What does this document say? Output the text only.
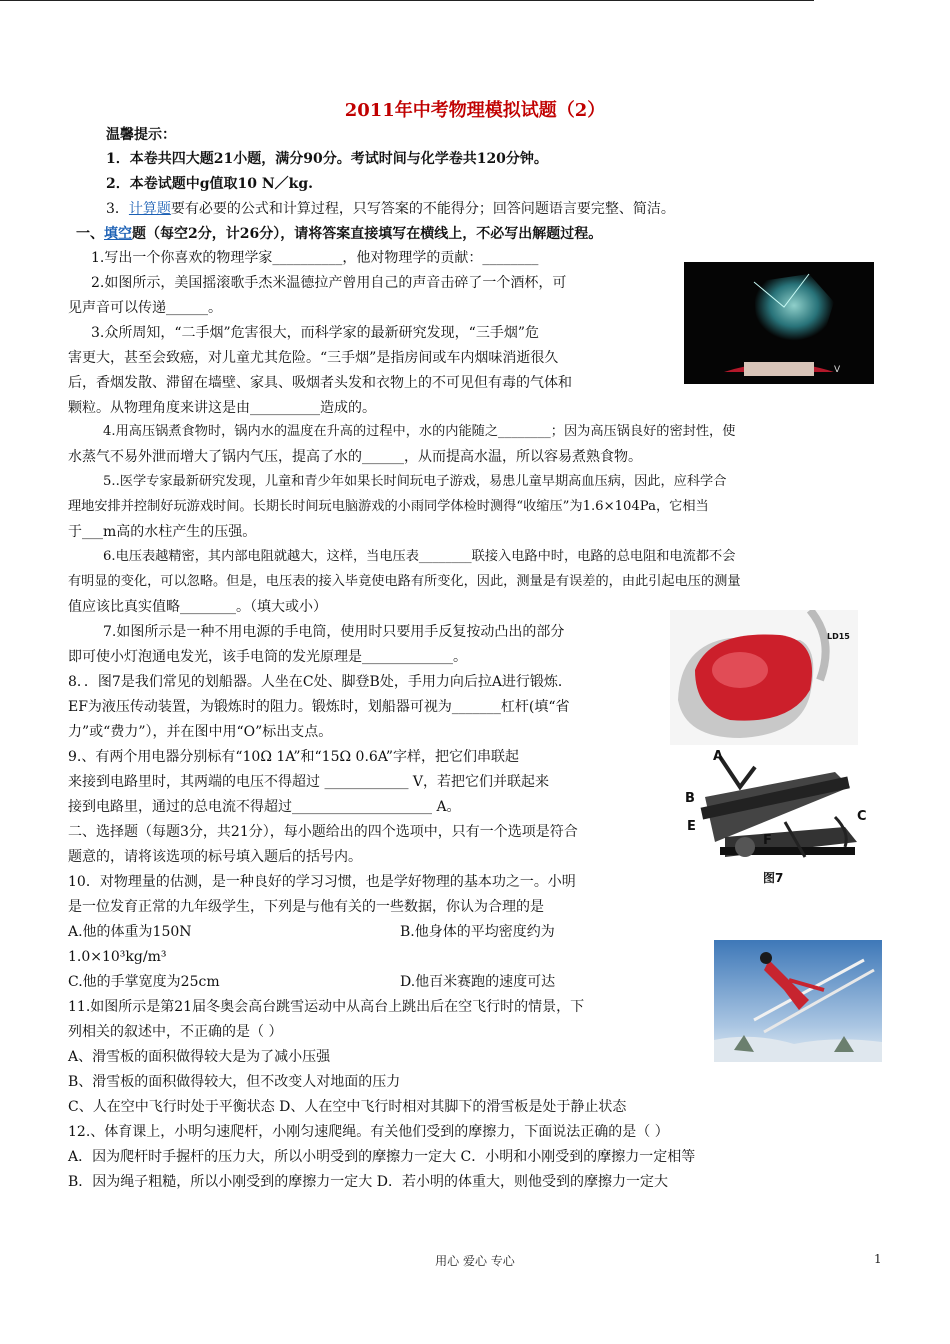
2011年中考物理模拟试题（2）
温馨提示：
1．本卷共四大题21小题，满分90分。考试时间与化学卷共120分钟。
2．本卷试题中g值取10 N／kg.
3．计算题要有必要的公式和计算过程，只写答案的不能得分；回答问题语言要完整、简洁。
一、填空题（每空2分，计26分），请将答案直接填写在横线上，不必写出解题过程。
1.写出一个你喜欢的物理学家__________，他对物理学的贡献：________
2.如图所示，美国摇滚歌手杰米温德拉产曾用自己的声音击碎了一个酒杯，可
见声音可以传递______。
3.众所周知，“二手烟”危害很大，而科学家的最新研究发现，“三手烟”危
害更大，甚至会致癌，对儿童尤其危险。“三手烟”是指房间或车内烟味消逝很久
后，香烟发散、滞留在墙壁、家具、吸烟者头发和衣物上的不可见但有毒的气体和
颗粒。从物理角度来讲这是由__________造成的。
4.用高压锅煮食物时，锅内水的温度在升高的过程中，水的内能随之________；因为高压锅良好的密封性，使
水蒸气不易外泄而增大了锅内气压，提高了水的______，从而提高水温，所以容易煮熟食物。
5..医学专家最新研究发现，儿童和青少年如果长时间玩电子游戏，易患儿童早期高血压病，因此，应科学合
理地安排并控制好玩游戏时间。长期长时间玩电脑游戏的小雨同学体检时测得“收缩压”为1.6×104Pa，它相当
于___m高的水柱产生的压强。
6.电压表越精密，其内部电阻就越大，这样，当电压表________联接入电路中时，电路的总电阻和电流都不会
有明显的变化，可以忽略。但是，电压表的接入毕竟使电路有所变化，因此，测量是有误差的，由此引起电压的测量
值应该比真实值略________。（填大或小）
7.如图所示是一种不用电源的手电筒，使用时只要用手反复按动凸出的部分
即可使小灯泡通电发光，该手电筒的发光原理是_____________。
8．．图7是我们常见的划船器。人坐在C处、脚登B处，手用力向后拉A进行锻炼．
EF为液压传动装置，为锻炼时的阻力。锻炼时，划船器可视为_______杠杆(填“省
力”或“费力”），并在图中用“O”标出支点。
9.、有两个用电器分别标有“10Ω 1A”和“15Ω 0.6A”字样，把它们串联起
来接到电路里时，其两端的电压不得超过 ____________ V，若把它们并联起来
接到电路里，通过的总电流不得超过____________________ A。
二、选择题（每题3分，共21分），每小题给出的四个选项中，只有一个选项是符合
题意的，请将该选项的标号填入题后的括号内。
10．对物理量的估测，是一种良好的学习习惯，也是学好物理的基本功之一。小明
是一位发育正常的九年级学生，下列是与他有关的一些数据，你认为合理的是
A.他的体重为150N	B.他身体的平均密度约为
1.0×10³kg/m³
C.他的手掌宽度为25cm	D.他百米赛跑的速度可达
11.如图所示是第21届冬奥会高台跳雪运动中从高台上跳出后在空飞行时的情景，下
列相关的叙述中，不正确的是（ ）
A、滑雪板的面积做得较大是为了减小压强
B、滑雪板的面积做得较大，但不改变人对地面的压力
C、人在空中飞行时处于平衡状态 D、人在空中飞行时相对其脚下的滑雪板是处于静止状态
12.、体育课上，小明匀速爬杆，小刚匀速爬绳。有关他们受到的摩擦力，下面说法正确的是（ ）
A．因为爬杆时手握杆的压力大，所以小明受到的摩擦力一定大 C．小明和小刚受到的摩擦力一定相等
B．因为绳子粗糙，所以小刚受到的摩擦力一定大 D．若小明的体重大，则他受到的摩擦力一定大
V
LD15
A
B
C
E
F
图7
用心 爱心 专心	1
